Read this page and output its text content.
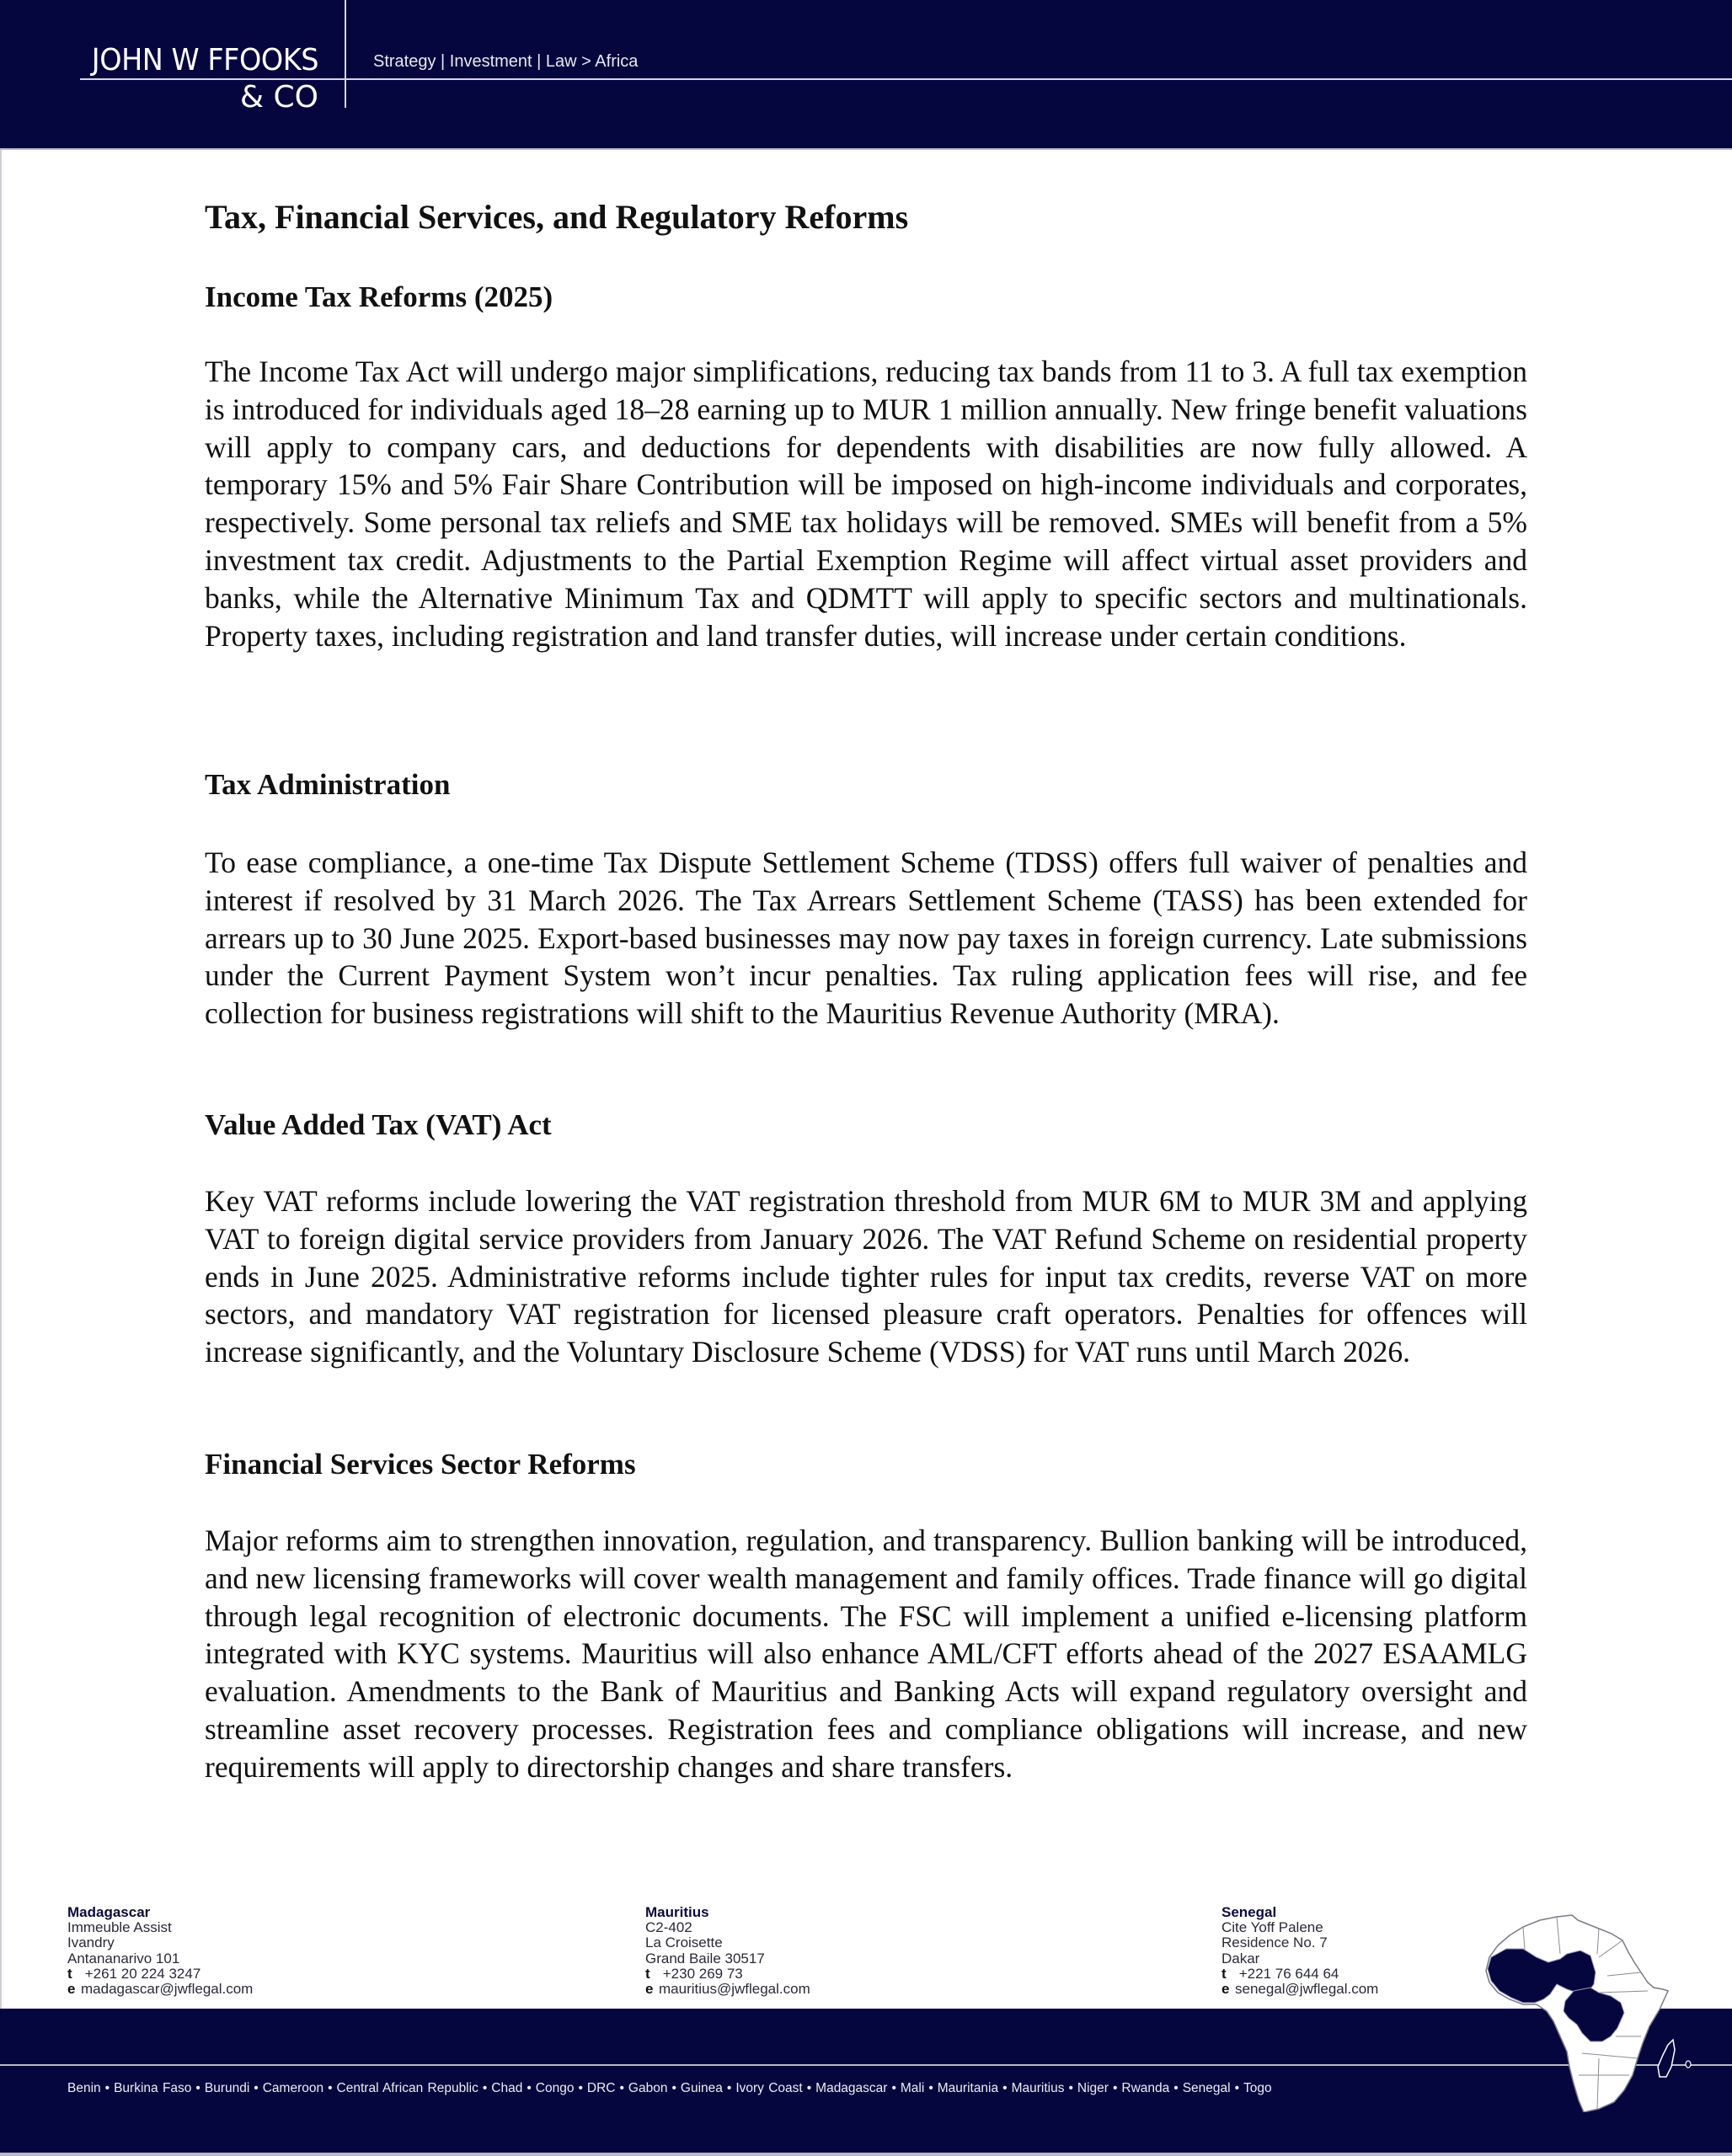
JOHN W FFOOKS
& CO
Strategy | Investment | Law > Africa
Tax, Financial Services, and Regulatory Reforms
Income Tax Reforms (2025)

The Income Tax Act will undergo major simplifications, reducing tax bands from 11 to 3. A full tax exemption is introduced for individuals aged 18–28 earning up to MUR 1 million annually. New fringe benefit valuations will apply to company cars, and deductions for dependents with disabilities are now fully allowed. A temporary 15% and 5% Fair Share Contribution will be imposed on high-income individuals and corporates, respectively. Some personal tax reliefs and SME tax holidays will be removed. SMEs will benefit from a 5% investment tax credit. Adjustments to the Partial Exemption Regime will affect virtual asset providers and banks, while the Alternative Minimum Tax and QDMTT will apply to specific sectors and multinationals. Property taxes, including registration and land transfer duties, will increase under certain conditions.

Tax Administration

To ease compliance, a one-time Tax Dispute Settlement Scheme (TDSS) offers full waiver of penalties and interest if resolved by 31 March 2026. The Tax Arrears Settlement Scheme (TASS) has been extended for arrears up to 30 June 2025. Export-based businesses may now pay taxes in foreign currency. Late submissions under the Current Payment System won’t incur penalties. Tax ruling application fees will rise, and fee collection for business registrations will shift to the Mauritius Revenue Authority (MRA).

Value Added Tax (VAT) Act

Key VAT reforms include lowering the VAT registration threshold from MUR 6M to MUR 3M and applying VAT to foreign digital service providers from January 2026. The VAT Refund Scheme on residential property ends in June 2025. Administrative reforms include tighter rules for input tax credits, reverse VAT on more sectors, and mandatory VAT registration for licensed pleasure craft operators. Penalties for offences will increase significantly, and the Voluntary Disclosure Scheme (VDSS) for VAT runs until March 2026.

Financial Services Sector Reforms

Major reforms aim to strengthen innovation, regulation, and transparency. Bullion banking will be introduced, and new licensing frameworks will cover wealth management and family offices. Trade finance will go digital through legal recognition of electronic documents. The FSC will implement a unified e-licensing platform integrated with KYC systems. Mauritius will also enhance AML/CFT efforts ahead of the 2027 ESAAMLG evaluation. Amendments to the Bank of Mauritius and Banking Acts will expand regulatory oversight and streamline asset recovery processes. Registration fees and compliance obligations will increase, and new requirements will apply to directorship changes and share transfers.

Madagascar
Immeuble Assist
Ivandry
Antananarivo 101
t +261 20 224 3247
e madagascar@jwflegal.com
Mauritius
C2-402
La Croisette
Grand Baile 30517
t +230 269 73
e mauritius@jwflegal.com
Senegal
Cite Yoff Palene
Residence No. 7
Dakar
t +221 76 644 64
e senegal@jwflegal.com
Benin • Burkina Faso • Burundi • Cameroon • Central African Republic • Chad • Congo • DRC • Gabon • Guinea • Ivory Coast • Madagascar • Mali • Mauritania • Mauritius • Niger • Rwanda • Senegal • Togo
